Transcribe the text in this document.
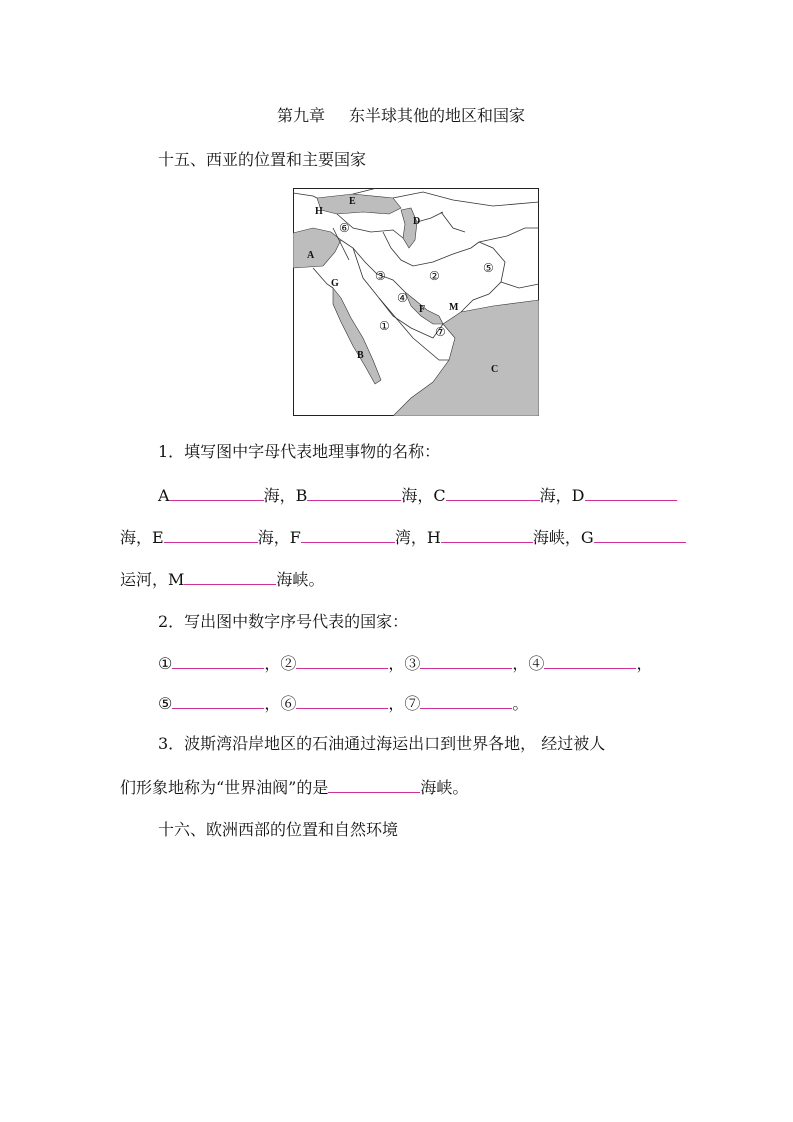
第九章 东半球其他的地区和国家
十五、西亚的位置和主要国家
H
E
D
A
G
F M
B
C
⑥
③	②
⑤
④
①	⑦
1．填写图中字母代表地理事物的名称：
A	海，B	海，C	海，D
海，E	海，F	湾，H	海峡，G
运河，M	海峡。
2．写出图中数字序号代表的国家：
①	，②	，③	，④	，
⑤	，⑥	，⑦	。
3．波斯湾沿岸地区的石油通过海运出口到世界各地， 经过被人
们形象地称为“世界油阀”的是	海峡。
十六、欧洲西部的位置和自然环境
